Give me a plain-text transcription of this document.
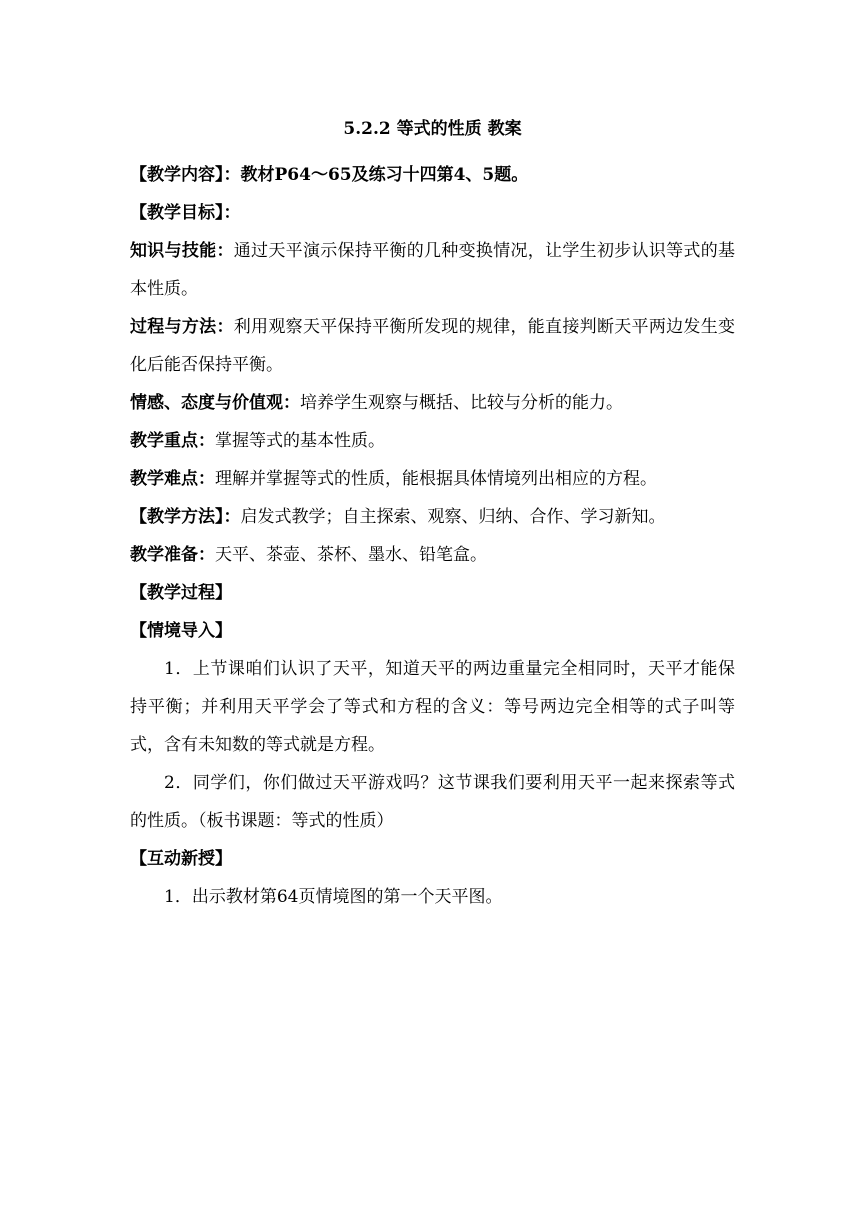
5.2.2 等式的性质 教案

【教学内容】：教材P64～65及练习十四第4、5题。

【教学目标】：

知识与技能：通过天平演示保持平衡的几种变换情况，让学生初步认识等式的基本性质。

过程与方法：利用观察天平保持平衡所发现的规律，能直接判断天平两边发生变化后能否保持平衡。

情感、态度与价值观：培养学生观察与概括、比较与分析的能力。

教学重点：掌握等式的基本性质。

教学难点：理解并掌握等式的性质，能根据具体情境列出相应的方程。

【教学方法】：启发式教学；自主探索、观察、归纳、合作、学习新知。

教学准备：天平、茶壶、茶杯、墨水、铅笔盒。

【教学过程】

【情境导入】

1．上节课咱们认识了天平，知道天平的两边重量完全相同时，天平才能保持平衡；并利用天平学会了等式和方程的含义：等号两边完全相等的式子叫等式，含有未知数的等式就是方程。

2．同学们，你们做过天平游戏吗？这节课我们要利用天平一起来探索等式的性质。（板书课题：等式的性质）

【互动新授】

1．出示教材第64页情境图的第一个天平图。
